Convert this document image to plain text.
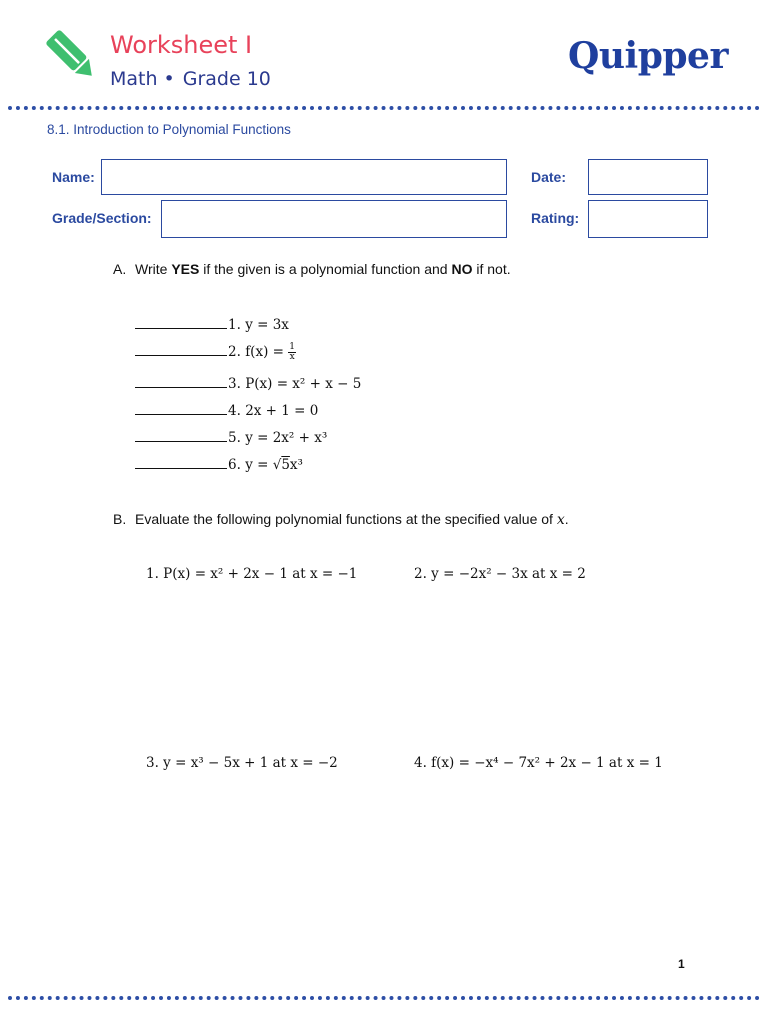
Worksheet I
Math • Grade 10
Quipper
8.1. Introduction to Polynomial Functions
Name:	Date:
Grade/Section:	Rating:
A. Write YES if the given is a polynomial function and NO if not.
1. y = 3x
2. $f(x) = \frac{1}{x}$
3. P(x) = x² + x − 5
4. 2x + 1 = 0
5. y = 2x² + x³
6. y = √5x³
B. Evaluate the following polynomial functions at the specified value of x.
1. P(x) = x² + 2x − 1 at x = −1	2. y = −2x² − 3x at x = 2
3. y = x³ − 5x + 1 at x = −2	4. f(x) = −x⁴ − 7x² + 2x − 1 at x = 1
1
